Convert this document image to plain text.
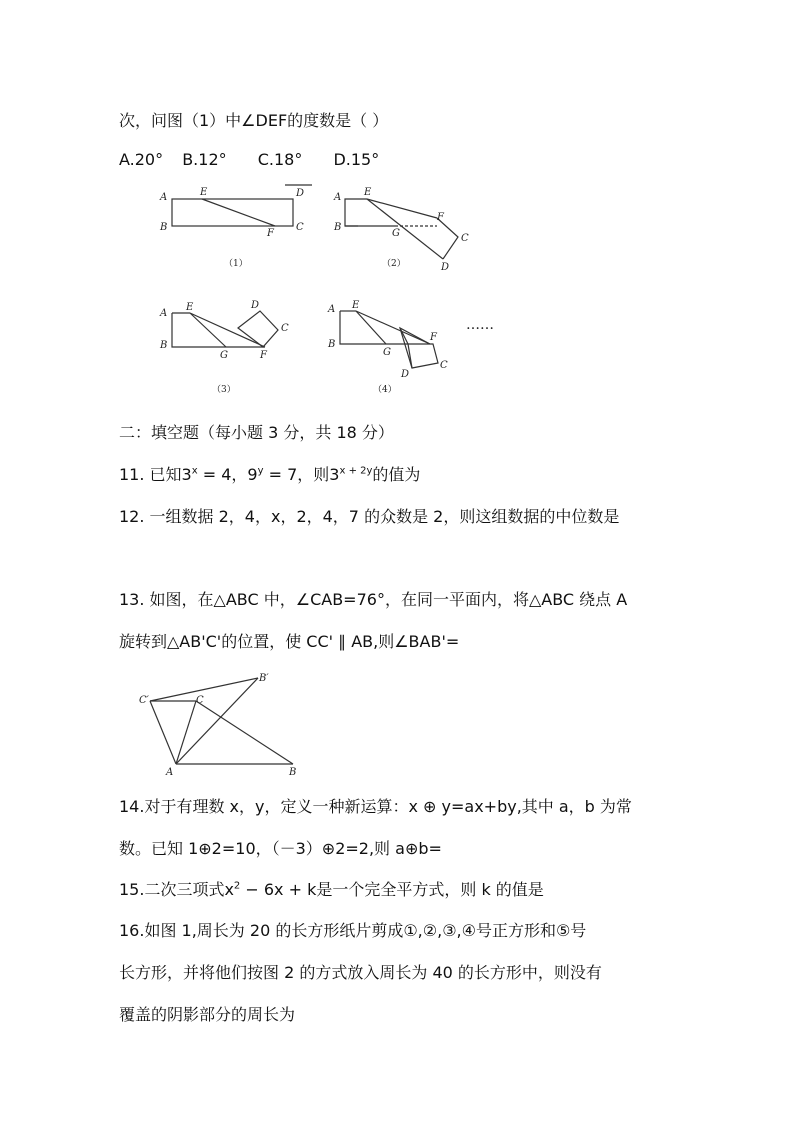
次，问图（1）中∠DEF的度数是（ ）
A.20° B.12° C.18° D.15°
A
B
E	D
F
C
（1）
A
B
E
G
F
C
D
（2）
A
B
E
G	F
D
C
（3）
A
B
E
G
F
C
D
（4）
……
二：填空题（每小题 3 分，共 18 分）
11. 已知$3^x = 4$，$9^y = 7$，则$3^{x + 2y}$的值为
12. 一组数据 2，4，x，2，4，7 的众数是 2，则这组数据的中位数是
13. 如图，在△ABC 中，∠CAB=76°，在同一平面内，将△ABC 绕点 A
旋转到△AB'C'的位置，使 CC' ∥ AB,则∠BAB'=
C′	C
B′
A	B
14.对于有理数 x，y，定义一种新运算：x ⊕ y=ax+by,其中 a，b 为常
数。已知 1⊕2=10，（－3）⊕2=2,则 a⊕b=
15.二次三项式$x^2 - 6x + k$是一个完全平方式，则 k 的值是
16.如图 1,周长为 20 的长方形纸片剪成①,②,③,④号正方形和⑤号
长方形，并将他们按图 2 的方式放入周长为 40 的长方形中，则没有
覆盖的阴影部分的周长为
